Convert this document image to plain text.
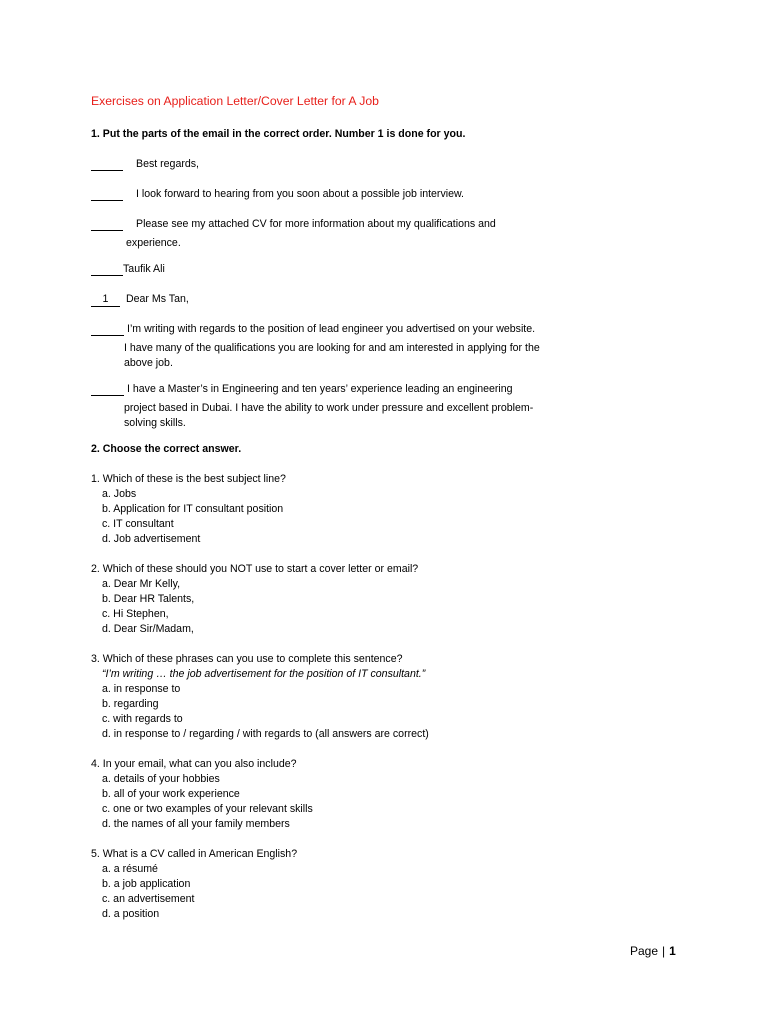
Exercises on Application Letter/Cover Letter for A Job
1. Put the parts of the email in the correct order. Number 1 is done for you.
Best regards,
I look forward to hearing from you soon about a possible job interview.
Please see my attached CV for more information about my qualifications and
experience.
Taufik Ali
1 Dear Ms Tan,
I’m writing with regards to the position of lead engineer you advertised on your website.
I have many of the qualifications you are looking for and am interested in applying for the
above job.
I have a Master’s in Engineering and ten years’ experience leading an engineering
project based in Dubai. I have the ability to work under pressure and excellent problem-
solving skills.
2. Choose the correct answer.
1. Which of these is the best subject line?
a. Jobs
b. Application for IT consultant position
c. IT consultant
d. Job advertisement
2. Which of these should you NOT use to start a cover letter or email?
a. Dear Mr Kelly,
b. Dear HR Talents,
c. Hi Stephen,
d. Dear Sir/Madam,
3. Which of these phrases can you use to complete this sentence?
“I’m writing … the job advertisement for the position of IT consultant.”
a. in response to
b. regarding
c. with regards to
d. in response to / regarding / with regards to (all answers are correct)
4. In your email, what can you also include?
a. details of your hobbies
b. all of your work experience
c. one or two examples of your relevant skills
d. the names of all your family members
5. What is a CV called in American English?
a. a résumé
b. a job application
c. an advertisement
d. a position
Page | 1
